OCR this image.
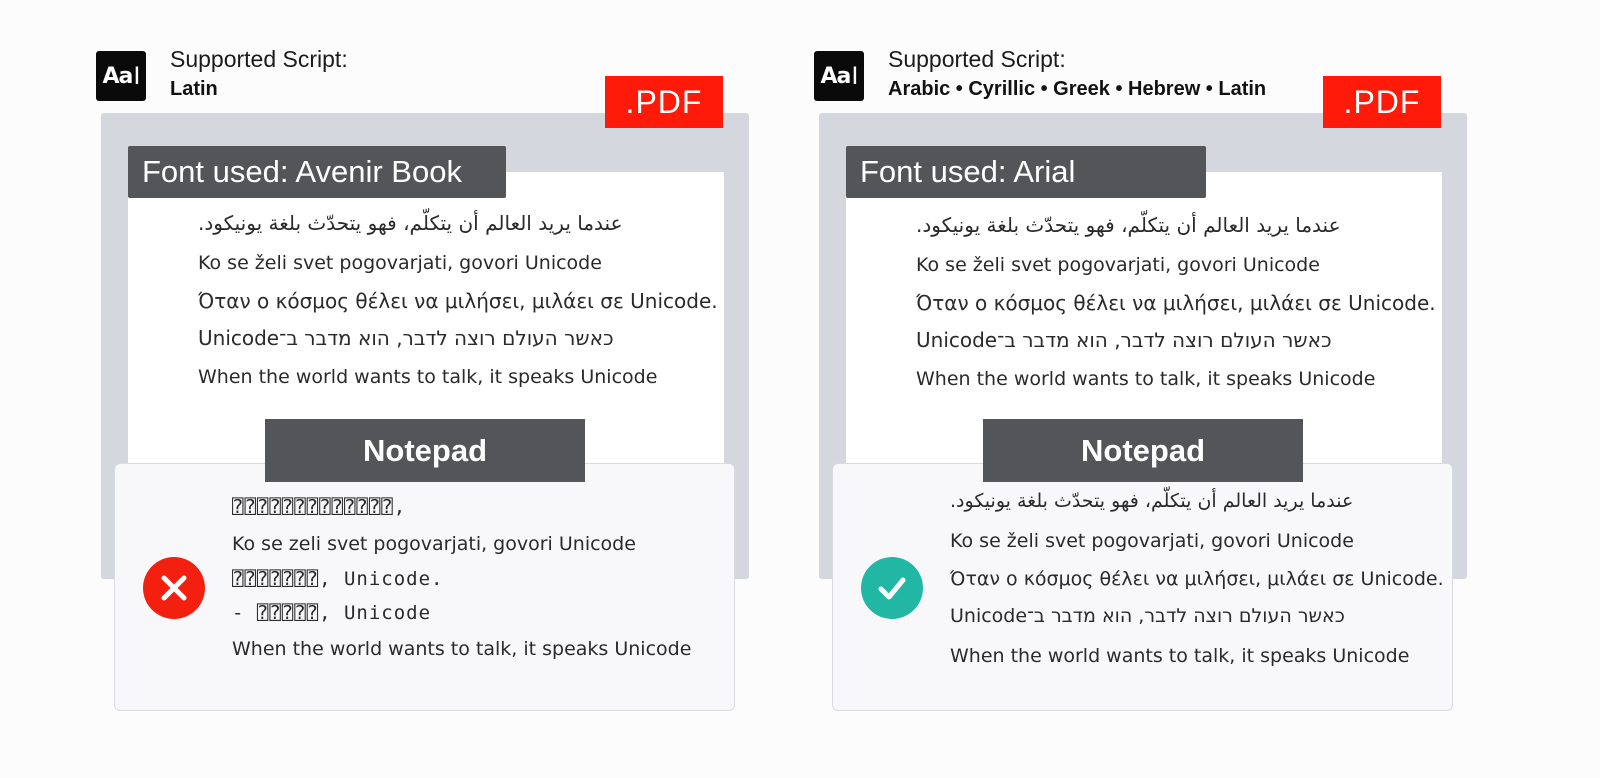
Aa I
Supported Script:
Latin	.PDF
Font used: Avenir Book
عندما يريد العالم أن يتكلّم، فهو يتحدّث بلغة يونيكود.
Ko se želi svet pogovarjati, govori Unicode
Όταν ο κόσμος θέλει να μιλήσει, μιλάει σε Unicode.
כאשר העולם רוצה לדבר, הוא מדבר ב־Unicode
When the world wants to talk, it speaks Unicode
Notepad
⍰⍰⍰⍰⍰⍰⍰⍰⍰⍰⍰⍰⍰,
Ko se zeli svet pogovarjati, govori Unicode
⍰⍰⍰⍰⍰⍰⍰, Unicode.
- ⍰⍰⍰⍰⍰, Unicode
When the world wants to talk, it speaks Unicode
Aa I
Supported Script:
Arabic • Cyrillic • Greek • Hebrew • Latin	.PDF
Font used: Arial
عندما يريد العالم أن يتكلّم، فهو يتحدّث بلغة يونيكود.
Ko se želi svet pogovarjati, govori Unicode
Όταν ο κόσμος θέλει να μιλήσει, μιλάει σε Unicode.
כאשר העולם רוצה לדבר, הוא מדבר ב־Unicode
When the world wants to talk, it speaks Unicode
Notepad
عندما يريد العالم أن يتكلّم، فهو يتحدّث بلغة يونيكود.
Ko se želi svet pogovarjati, govori Unicode
Όταν ο κόσμος θέλει να μιλήσει, μιλάει σε Unicode.
כאשר העולם רוצה לדבר, הוא מדבר ב־Unicode
When the world wants to talk, it speaks Unicode
